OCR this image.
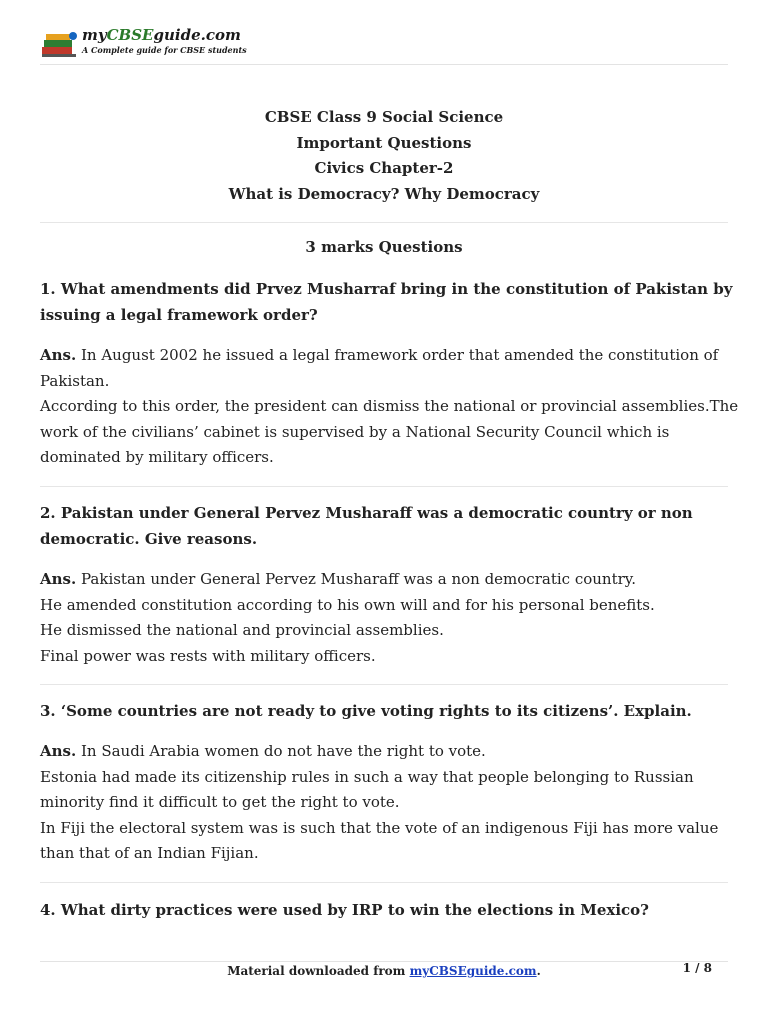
myCBSEguide.com
A Complete guide for CBSE students
CBSE Class 9 Social Science
Important Questions
Civics Chapter-2
What is Democracy? Why Democracy
3 marks Questions
1. What amendments did Prvez Musharraf bring in the constitution of Pakistan by
issuing a legal framework order?
Ans. In August 2002 he issued a legal framework order that amended the constitution of
Pakistan.
According to this order, the president can dismiss the national or provincial assemblies.The
work of the civilians’ cabinet is supervised by a National Security Council which is
dominated by military officers.
2. Pakistan under General Pervez Musharaff was a democratic country or non
democratic. Give reasons.
Ans. Pakistan under General Pervez Musharaff was a non democratic country.
He amended constitution according to his own will and for his personal benefits.
He dismissed the national and provincial assemblies.
Final power was rests with military officers.
3. ‘Some countries are not ready to give voting rights to its citizens’. Explain.
Ans. In Saudi Arabia women do not have the right to vote.
Estonia had made its citizenship rules in such a way that people belonging to Russian
minority find it difficult to get the right to vote.
In Fiji the electoral system was is such that the vote of an indigenous Fiji has more value
than that of an Indian Fijian.
4. What dirty practices were used by IRP to win the elections in Mexico?
Material downloaded from myCBSEguide.com.	1 / 8
